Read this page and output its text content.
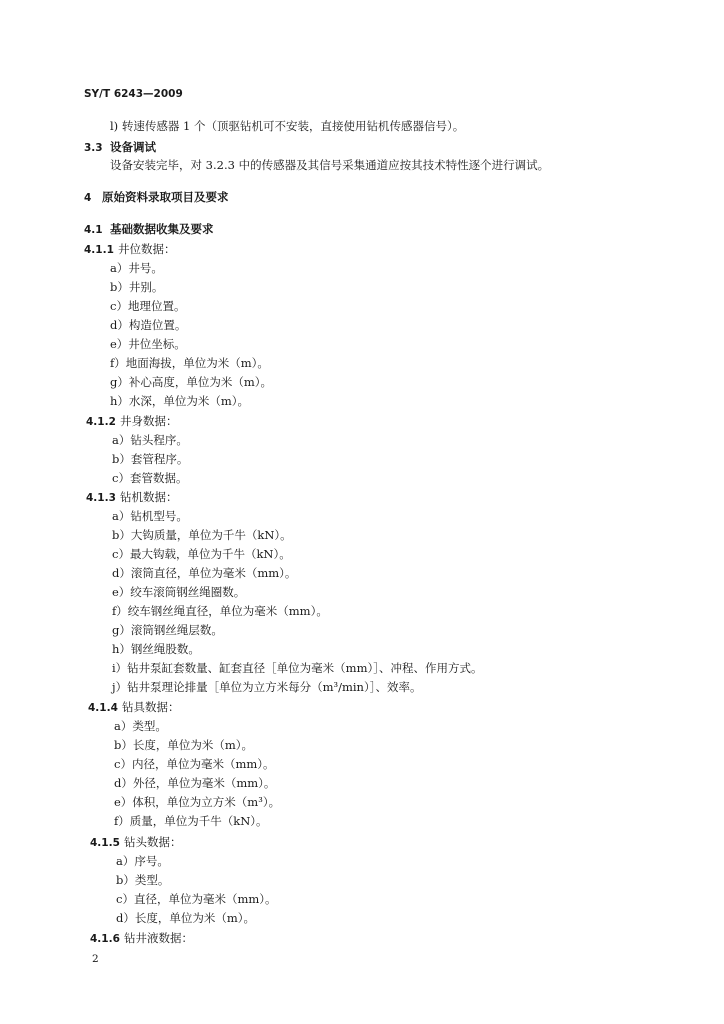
SY/T 6243—2009
l) 转速传感器 1 个（顶驱钻机可不安装，直接使用钻机传感器信号）。
3.3 设备调试
设备安装完毕，对 3.2.3 中的传感器及其信号采集通道应按其技术特性逐个进行调试。
4 原始资料录取项目及要求
4.1 基础数据收集及要求
4.1.1 井位数据：
a）井号。
b）井别。
c）地理位置。
d）构造位置。
e）井位坐标。
f）地面海拔，单位为米（m）。
g）补心高度，单位为米（m）。
h）水深，单位为米（m）。
4.1.2 井身数据：
a）钻头程序。
b）套管程序。
c）套管数据。
4.1.3 钻机数据：
a）钻机型号。
b）大钩质量，单位为千牛（kN）。
c）最大钩载，单位为千牛（kN）。
d）滚筒直径，单位为毫米（mm）。
e）绞车滚筒钢丝绳圈数。
f）绞车钢丝绳直径，单位为毫米（mm）。
g）滚筒钢丝绳层数。
h）钢丝绳股数。
i）钻井泵缸套数量、缸套直径［单位为毫米（mm）］、冲程、作用方式。
j）钻井泵理论排量［单位为立方米每分（m³/min）］、效率。
4.1.4 钻具数据：
a）类型。
b）长度，单位为米（m）。
c）内径，单位为毫米（mm）。
d）外径，单位为毫米（mm）。
e）体积，单位为立方米（m³）。
f）质量，单位为千牛（kN）。
4.1.5 钻头数据：
a）序号。
b）类型。
c）直径，单位为毫米（mm）。
d）长度，单位为米（m）。
4.1.6 钻井液数据：
2
